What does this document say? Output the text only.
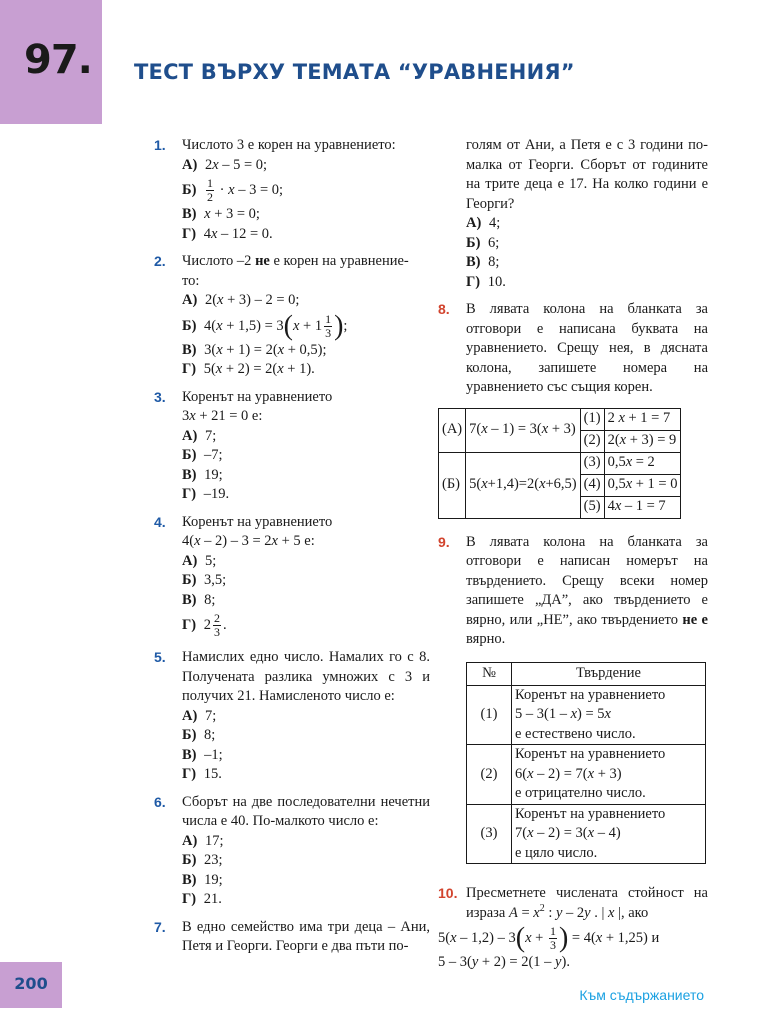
97. ТЕСТ ВЪРХУ ТЕМАТА “УРАВНЕНИЯ”
1. Числото 3 е корен на уравнението:
А) 2x – 5 = 0;
$Б) \frac{1}{2} \cdot x - 3 = 0$;
В) x + 3 = 0;
Г) 4x – 12 = 0.
2. Числото –2 не е корен на уравнение-
то:
А) 2(x + 3) – 2 = 0;
Б) $4(x + 1,5) = 3(x + 1 \frac{1}{3}$ );
В) 3(x + 1) = 2(x + 0,5);
Г) 5(x + 2) = 2(x + 1).
3. Коренът на уравнението
3x + 21 = 0 е:
А) 7;
Б) –7;
В) 19;
Г) –19.
4. Коренът на уравнението
4(x – 2) – 3 = 2x + 5 е:
А) 5;
Б) 3,5;
В) 8;
Г) $2 \frac{2}{3}$ .
5. Намислих едно число. Намалих го с 8. Получената разлика умножих с 3 и получих 21. Намисленото число е:
А) 7;
Б) 8;
В) –1;
Г) 15.
6. Сборът на две последователни нечетни числа е 40. По-малкото число е:
А) 17;
Б) 23;
В) 19;
Г) 21.
7. В едно семейство има три деца – Ани, Петя и Георги. Георги е два пъти по-
голям от Ани, а Петя е с 3 години по-малка от Георги. Сборът от годините на трите деца е 17. На колко години е Георги?
А) 4;
Б) 6;
В) 8;
Г) 10.
8. В лявата колона на бланката за отговори е написана буквата на уравнението. Срещу нея, в дясната колона, запишете номера на уравнението със същия корен.
(А)	7(x – 1) = 3(x + 3)	(1)	2 x + 1 = 7
		(2)	2(x + 3) = 9
(Б)	5(x+1,4)=2(x+6,5)	(3)	0,5x = 2
		(4)	0,5x + 1 = 0
		(5)	4x – 1 = 7
9. В лявата колона на бланката за отговори е написан номерът на твърдението. Срещу всеки номер запишете „ДА”, ако твърдението е вярно, или „НЕ”, ако твърдението не е вярно.
№	Твърдение
(1)	Коренът на уравнението
5 – 3(1 – x) = 5x
е естествено число.
(2)	Коренът на уравнението
6(x – 2) = 7(x + 3)
е отрицателно число.
(3)	Коренът на уравнението
7(x – 2) = 3(x – 4)
е цяло число.
10. Пресметнете числената стойност на израза $A = x^2$ : y – 2y . | x |, ако
$5(x - 1,2) - 3(x + \frac{1}{3}$ ) = 4(x + 1,25) и
5 – 3(y + 2) = 2(1 – y).
200
Към съдържанието
